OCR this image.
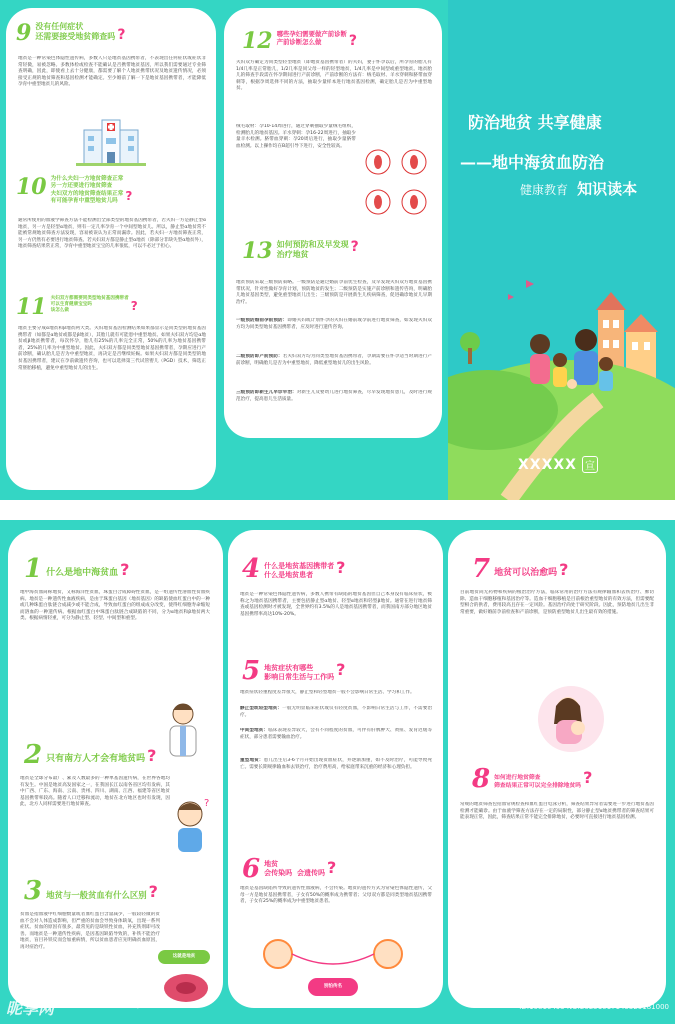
9 没有任何症状
还需要接受地贫筛查吗 ?
地贫是一种常染色体隐性遗传病，多数人只是地贫基因携带者，不表现出任何症状或症状非常轻微，易被忽略。多数体检或检查不能确认是否携带地贫基因，所以我们需要通过专业筛查明确，因此，即使看上去十分健康，都需要了解个人地贫携带状况及地贫遗传情况，必须接受正规的地贫筛查和基因检测才能确定。至少婚前了解一下是地贫基因携带者，才能降低孕育中重型地贫儿的风险。
10 为什么夫妇一方地贫筛查正常
另一方还要进行地贫筛查
夫妇双方的地贫筛查结果正常
有可能孕育中重型地贫儿吗 ?
通常所使用的血液学筛查方法不能检测出全部类型的地贫基因携带者，若夫妇一方是静止型α地贫，另一方是轻型α地贫，则有一定几率孕育一个中间型地贫儿。所以，静止型α地贫常不能被常规地贫筛查方法发现，容易被误认为正常而漏诊。因此，若夫妇一方地贫筛查正常，另一方仍然有必要进行地贫筛查。若夫妇双方都是静止型α地贫（除部分非缺失型α地贫外），地贫筛查结果常正常，孕育中重型地贫宝宝的几率很低，可以不必过于担心。
11 夫妇双方都需要同类型地贫基因携带者
可以生育健康宝宝吗
该怎么做	?
地贫主要分成α地贫和β地贫两大类。夫妇地贫基因检测结果如果都显示是同类型的地贫基因携带者（如都是α地贫或都是β地贫），其胎儿就有可能患中重型地贫。如果夫妇双方均是α地贫或β地贫携带者，每次怀孕，胎儿有25%的几率完全正常，50%的几率为地贫基因携带者，25%的几率为中重型地贫。因此，夫妇双方都是同类型地贫基因携带者，孕期应进行产前诊断，确认胎儿是否为中重型地贫，再决定是否继续妊娠。如果夫妇双方都是同类型的地贫基因携带者，建议在孕前做遗传咨询，也可以选择第三代试管婴儿（PGD）技术，筛选正常胚胎移植，避免中重型地贫儿的出生。
12 哪些孕妇需要做产前诊断
产前诊断怎么做	?
夫妇双方确定为同类型轻型地贫（即地贫基因携带者）的夫妇，妻子怀孕以后，所孕育的胎儿有1/4几率是正常胎儿，1/2几率是同父母一样的轻型地贫，1/4几率是中间型或重型地贫。地贫胎儿的筛查手段需在怀孕期间进行产前诊断，产前诊断的方法有：绒毛取材、羊水穿刺和脐带血穿刺等，根据孕周选择不同的方法，抽取少量样本进行地贫基因检测，确定胎儿是否为中重型地贫。
绒毛取材：孕10-14周进行，通过穿刺抽取少量绒毛组织，检测胎儿的地贫基因。羊水穿刺：孕16-22周进行，抽取少量羊水检测。脐带血穿刺：孕20周后进行，抽取少量脐带血检测。以上操作均在B超引导下进行，安全性较高。
13 如何预防和及早发现
治疗地贫	?
地贫预防采取三级预防策略。一级预防是通过婚前孕前优生检查，及早发现夫妇双方地贫基因携带状况，针对性做好孕育计划，预防地贫的发生；二级预防是实施产前诊断和遗传咨询，明确胎儿地贫基因类型，避免重型地贫儿出生；三级预防是开展新生儿疾病筛查，促进确诊地贫儿早期治疗。
一级预防婚前孕前预防：即婚夫妇或计划怀孕的夫妇在婚前或孕前进行地贫筛查，如发现夫妇双方均为同类型地贫基因携带者，应及时进行遗传咨询。
二级预防即产前预防：若夫妇双方均为同类型地贫基因携带者，孕期需要在怀孕适当时期进行产前诊断，明确胎儿是否为中重型地贫，降低重型地贫儿的出生风险。
三级预防即新生儿早诊早治：对新生儿及婴幼儿进行地贫筛查，尽早发现地贫患儿，及时进行规范治疗，提高患儿生活质量。
防治地贫 共享健康
——地中海贫血防治
健康教育 知识读本
XXXXX 宣
1 什么是地中海贫血 ?
地中海贫血简称地贫，又称海洋性贫血，珠蛋白合成障碍性贫血，是一组遗传性溶血性贫血疾病。地贫是一种遗传性血液疾病，是由于珠蛋白基因（地贫基因）的缺陷使血红蛋白中的一种或几种珠蛋白肽链合成减少或不能合成，导致血红蛋白的组成成分改变，使得红细胞寿命缩短而溶血的一种遗传病。根据血红蛋白中珠蛋白肽链合成缺陷的不同，分为α地贫和β地贫两大类。根据病情轻重，可分为静止型、轻型、中间型和重型。
2 只有南方人才会有地贫吗 ?
地贫是全球分布最广、累及人数最多的一种单基因遗传病，在世界各地均有发生。中国是地贫高发国家之一，在我国长江以南各省区均有发病，其中广西、广东、海南、云南、贵州、四川、湖南、江西、福建等省区地贫基因携带率较高。随着人口迁移和流动，地贫在北方地区也时有发现，因此，北方人同样需要进行地贫筛查。	?
3 地贫与一般贫血有什么区别 ?
贫血是指血液中红细胞数量或者血红蛋白含量减少，一般较轻微的贫血不会对人体造成影响，但严重的贫血会导致身体缺氧，出现一系列症状。贫血的原因有很多，最常见的是缺铁性贫血，补充铁剂即可改善。而地贫是一种遗传性疾病，是因基因缺陷导致的，补铁不能治疗地贫，盲目补铁反而会加重病情，所以贫血患者应先明确贫血原因，再对症治疗。
这就是地贫
4 什么是地贫基因携带者
什么是地贫患者	?
地贫是一种常染色体隐性遗传病，多数人携带有缺陷的地贫基因但自己本身没有临床症状，被称之为地贫基因携带者，主要包括静止型α地贫、轻型α地贫和轻型β地贫。通常在进行地贫筛查或基因检测时才被发现，全世界约有3.5%的人是地贫基因携带者，而我国南方部分地区地贫基因携带率高达10%-20%。
5 地贫症状有哪些
影响日常生活与工作吗 ?
地贫症状轻重程度差异很大，静止型和轻型地贫一般不会影响日常生活、学习和工作。
静止型或轻型地贫：一般无明显临床症状或仅有轻度贫血，不影响日常生活与工作，不需要治疗。
中间型地贫：临床表现差异较大，会有不同程度的贫血，可伴有肝脾肿大、黄疸、发育迟缓等症状，部分患者需要输血治疗。
重型地贫：患儿出生后3-6个月开始出现贫血症状，并逐渐加重，如不及时治疗，可能导致死亡。需要长期规律输血和去铁治疗，治疗费用高，给家庭带来沉重的经济和心理负担。
6 地贫
会传染吗  会遗传吗 ?
地贫是基因缺陷所导致的遗传性血液病，不会传染。地贫的遗传方式为常染色体隐性遗传，父母一方是地贫基因携带者，子女有50%的概率成为携带者；父母双方都是同类型地贫基因携带者，子女有25%的概率成为中重型地贫患者。
别怕传名
7 地贫可以治愈吗 ?
目前地贫尚无药物和疾病的根治治疗方法，临床常用的治疗方法有规律输血和去铁治疗、脾切除、造血干细胞移植和基因治疗等。造血干细胞移植是目前根治重型地贫的有效方法，但需要配型相合的供者，费用较高且存在一定风险。基因治疗尚处于研究阶段。因此，预防地贫儿出生非常重要，做好婚前孕前检查和产前诊断，是预防重型地贫儿出生最有效的措施。
8 如何进行地贫筛查
筛查结果正常可以完全排除地贫吗 ?
常规的地贫筛查包括血常规检查和血红蛋白电泳分析，筛查结果异常者需要进一步进行地贫基因检测才能确诊。由于血液学筛查方法存在一定的局限性，部分静止型α地贫携带者的筛查结果可能表现正常，因此，筛查结果正常不能完全排除地贫，必要时可直接进行地贫基因检测。
昵享网	www.nipic.com	ID:10816493 NO:20251017145329181000
